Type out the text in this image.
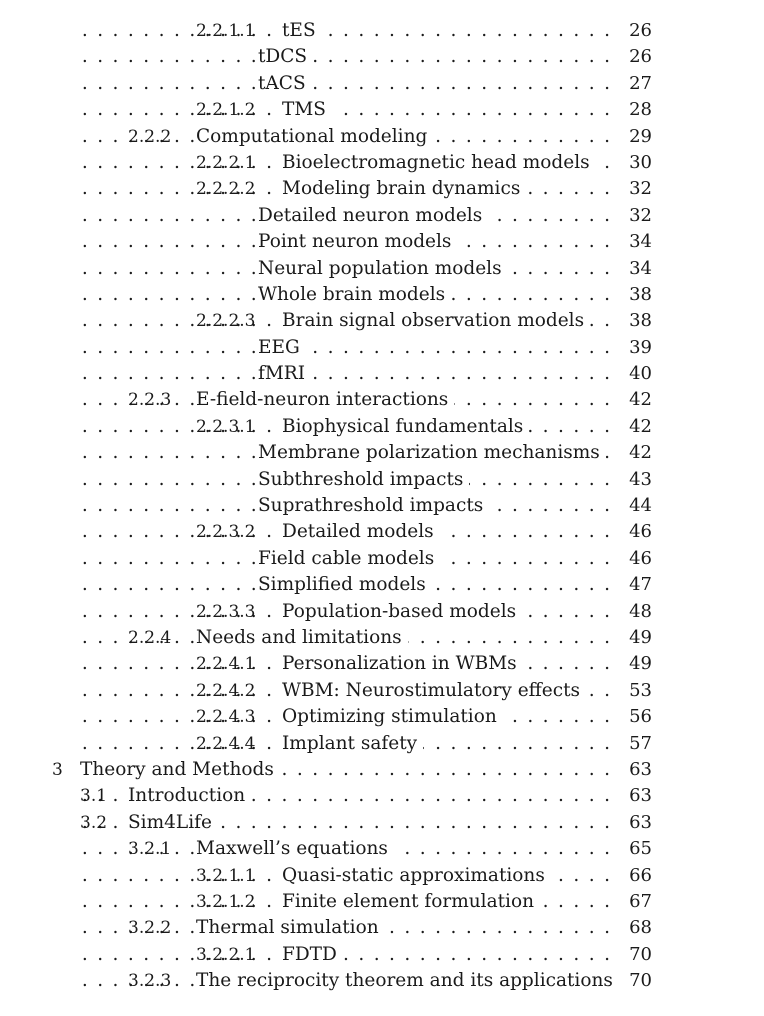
2.2.1.1 . . . tES	26
. . .
tDCS	26
. . .
tACS	27
2.2.1.2 . . . TMS	28
2.2.2 . . . Computational modeling	29
2.2.2.1 . . . Bioelectromagnetic head models	30
2.2.2.2 . . . Modeling brain dynamics	32
. . .
Detailed neuron models	32
. . .
Point neuron models	34
. . .
Neural population models	34
. . .
Whole brain models	38
2.2.2.3 . . . Brain signal observation models	38
. . .
EEG	39
. . .
fMRI	40
2.2.3 . . . E-field-neuron interactions	42
2.2.3.1 . . . Biophysical fundamentals	42
. . .
Membrane polarization mechanisms	42
. . .
Subthreshold impacts	43
. . .
Suprathreshold impacts	44
2.2.3.2 . . . Detailed models	46
. . .
Field cable models	46
. . .
Simplified models	47
2.2.3.3 . . . Population-based models	48
2.2.4 . . . Needs and limitations	49
2.2.4.1 . . . Personalization in WBMs	49
2.2.4.2 . . . WBM: Neurostimulatory effects	53
2.2.4.3 . . . Optimizing stimulation	56
2.2.4.4 . . . Implant safety	57
3 . . . Theory and Methods	63
3.1 . . . Introduction	63
3.2 . . . Sim4Life	63
3.2.1 . . . Maxwell’s equations	65
3.2.1.1 . . . Quasi-static approximations	66
3.2.1.2 . . . Finite element formulation	67
3.2.2 . . . Thermal simulation	68
3.2.2.1 . . . FDTD	70
3.2.3 . . . The reciprocity theorem and its applications 70
